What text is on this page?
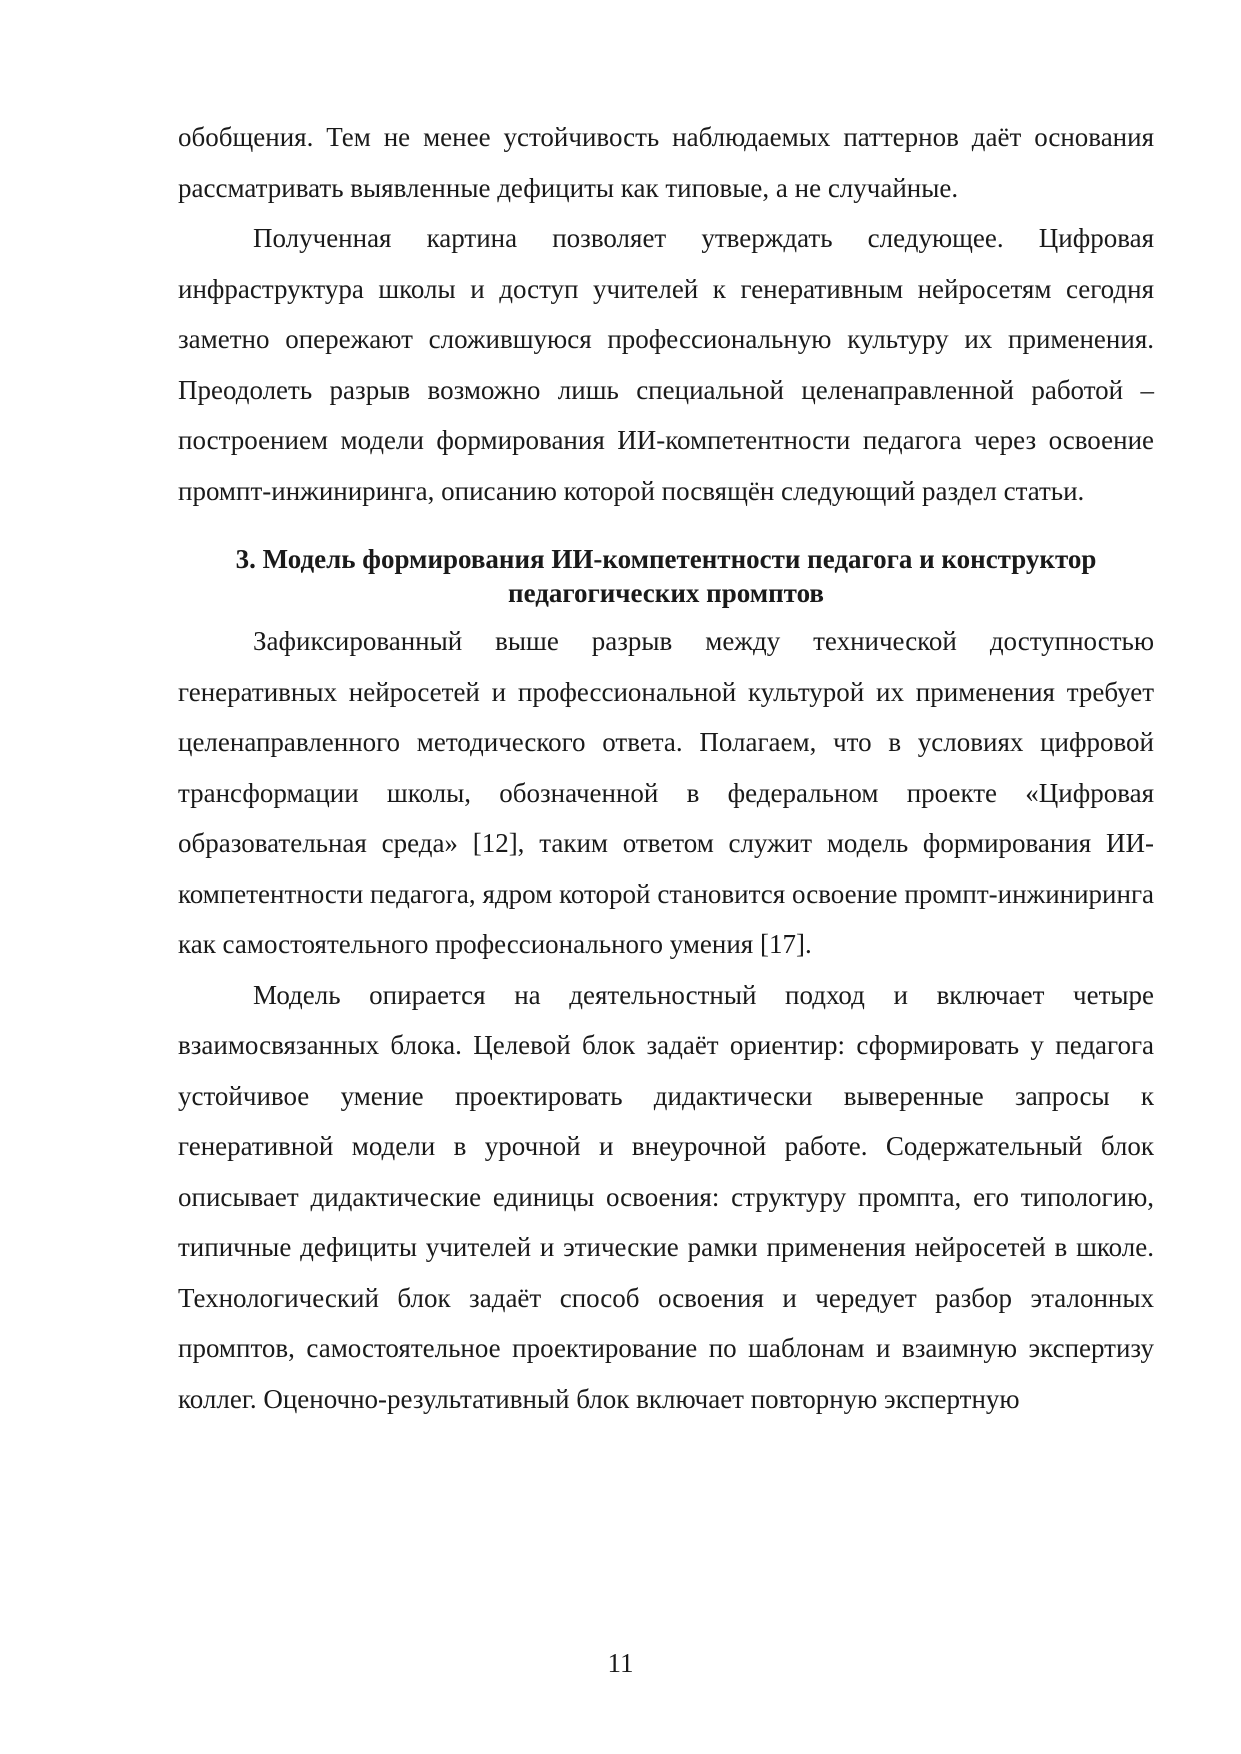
обобщения. Тем не менее устойчивость наблюдаемых паттернов даёт основания рассматривать выявленные дефициты как типовые, а не случайные.

Полученная картина позволяет утверждать следующее. Цифровая инфраструктура школы и доступ учителей к генеративным нейросетям сегодня заметно опережают сложившуюся профессиональную культуру их применения. Преодолеть разрыв возможно лишь специальной целенаправленной работой – построением модели формирования ИИ-компетентности педагога через освоение промпт-инжиниринга, описанию которой посвящён следующий раздел статьи.

3. Модель формирования ИИ-компетентности педагога и конструктор
педагогических промптов

Зафиксированный выше разрыв между технической доступностью генеративных нейросетей и профессиональной культурой их применения требует целенаправленного методического ответа. Полагаем, что в условиях цифровой трансформации школы, обозначенной в федеральном проекте «Цифровая образовательная среда» [12], таким ответом служит модель формирования ИИ-компетентности педагога, ядром которой становится освоение промпт-инжиниринга как самостоятельного профессионального умения [17].

Модель опирается на деятельностный подход и включает четыре взаимосвязанных блока. Целевой блок задаёт ориентир: сформировать у педагога устойчивое умение проектировать дидактически выверенные запросы к генеративной модели в урочной и внеурочной работе. Содержательный блок описывает дидактические единицы освоения: структуру промпта, его типологию, типичные дефициты учителей и этические рамки применения нейросетей в школе. Технологический блок задаёт способ освоения и чередует разбор эталонных промптов, самостоятельное проектирование по шаблонам и взаимную экспертизу коллег. Оценочно-результативный блок включает повторную экспертную

11
